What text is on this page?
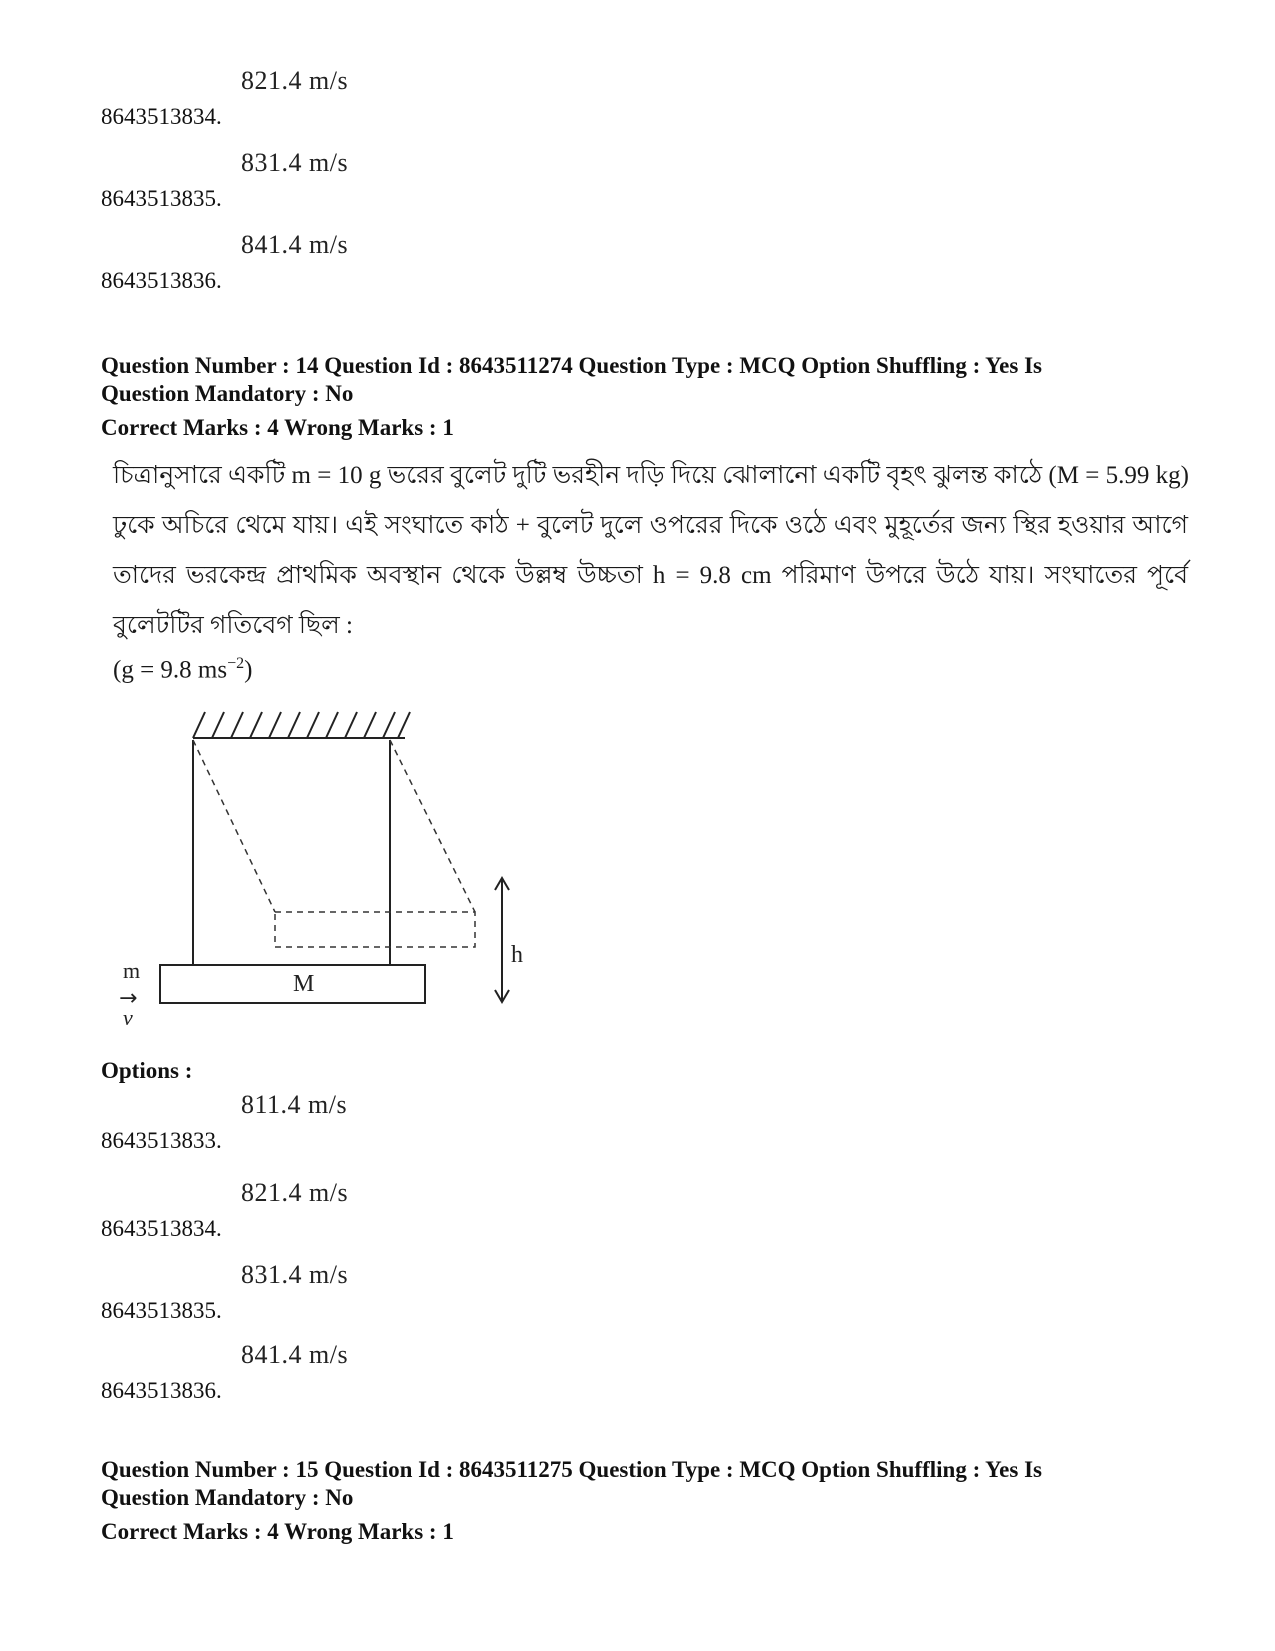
8643513834.
821.4 m/s
8643513835.
831.4 m/s
8643513836.
841.4 m/s
Question Number : 14 Question Id : 8643511274 Question Type : MCQ Option Shuffling : Yes Is
Question Mandatory : No
Correct Marks : 4 Wrong Marks : 1
চিত্রানুসারে একটি m = 10 g ভরের বুলেট দুটি ভরহীন দড়ি দিয়ে ঝোলানো একটি বৃহৎ ঝুলন্ত কাঠে (M = 5.99 kg)
ঢুকে অচিরে থেমে যায়। এই সংঘাতে কাঠ + বুলেট দুলে ওপরের দিকে ওঠে এবং মুহূর্তের জন্য স্থির হওয়ার আগে
তাদের ভরকেন্দ্র প্রাথমিক অবস্থান থেকে উল্লম্ব উচ্চতা h = 9.8 cm পরিমাণ উপরে উঠে যায়। সংঘাতের পূর্বে
বুলেটটির গতিবেগ ছিল :
(g = 9.8 $ms^{-2}$)
M
m
→
v
h
Options :
8643513833.
811.4 m/s
8643513834.
821.4 m/s
8643513835.
831.4 m/s
8643513836.
841.4 m/s
Question Number : 15 Question Id : 8643511275 Question Type : MCQ Option Shuffling : Yes Is
Question Mandatory : No
Correct Marks : 4 Wrong Marks : 1
